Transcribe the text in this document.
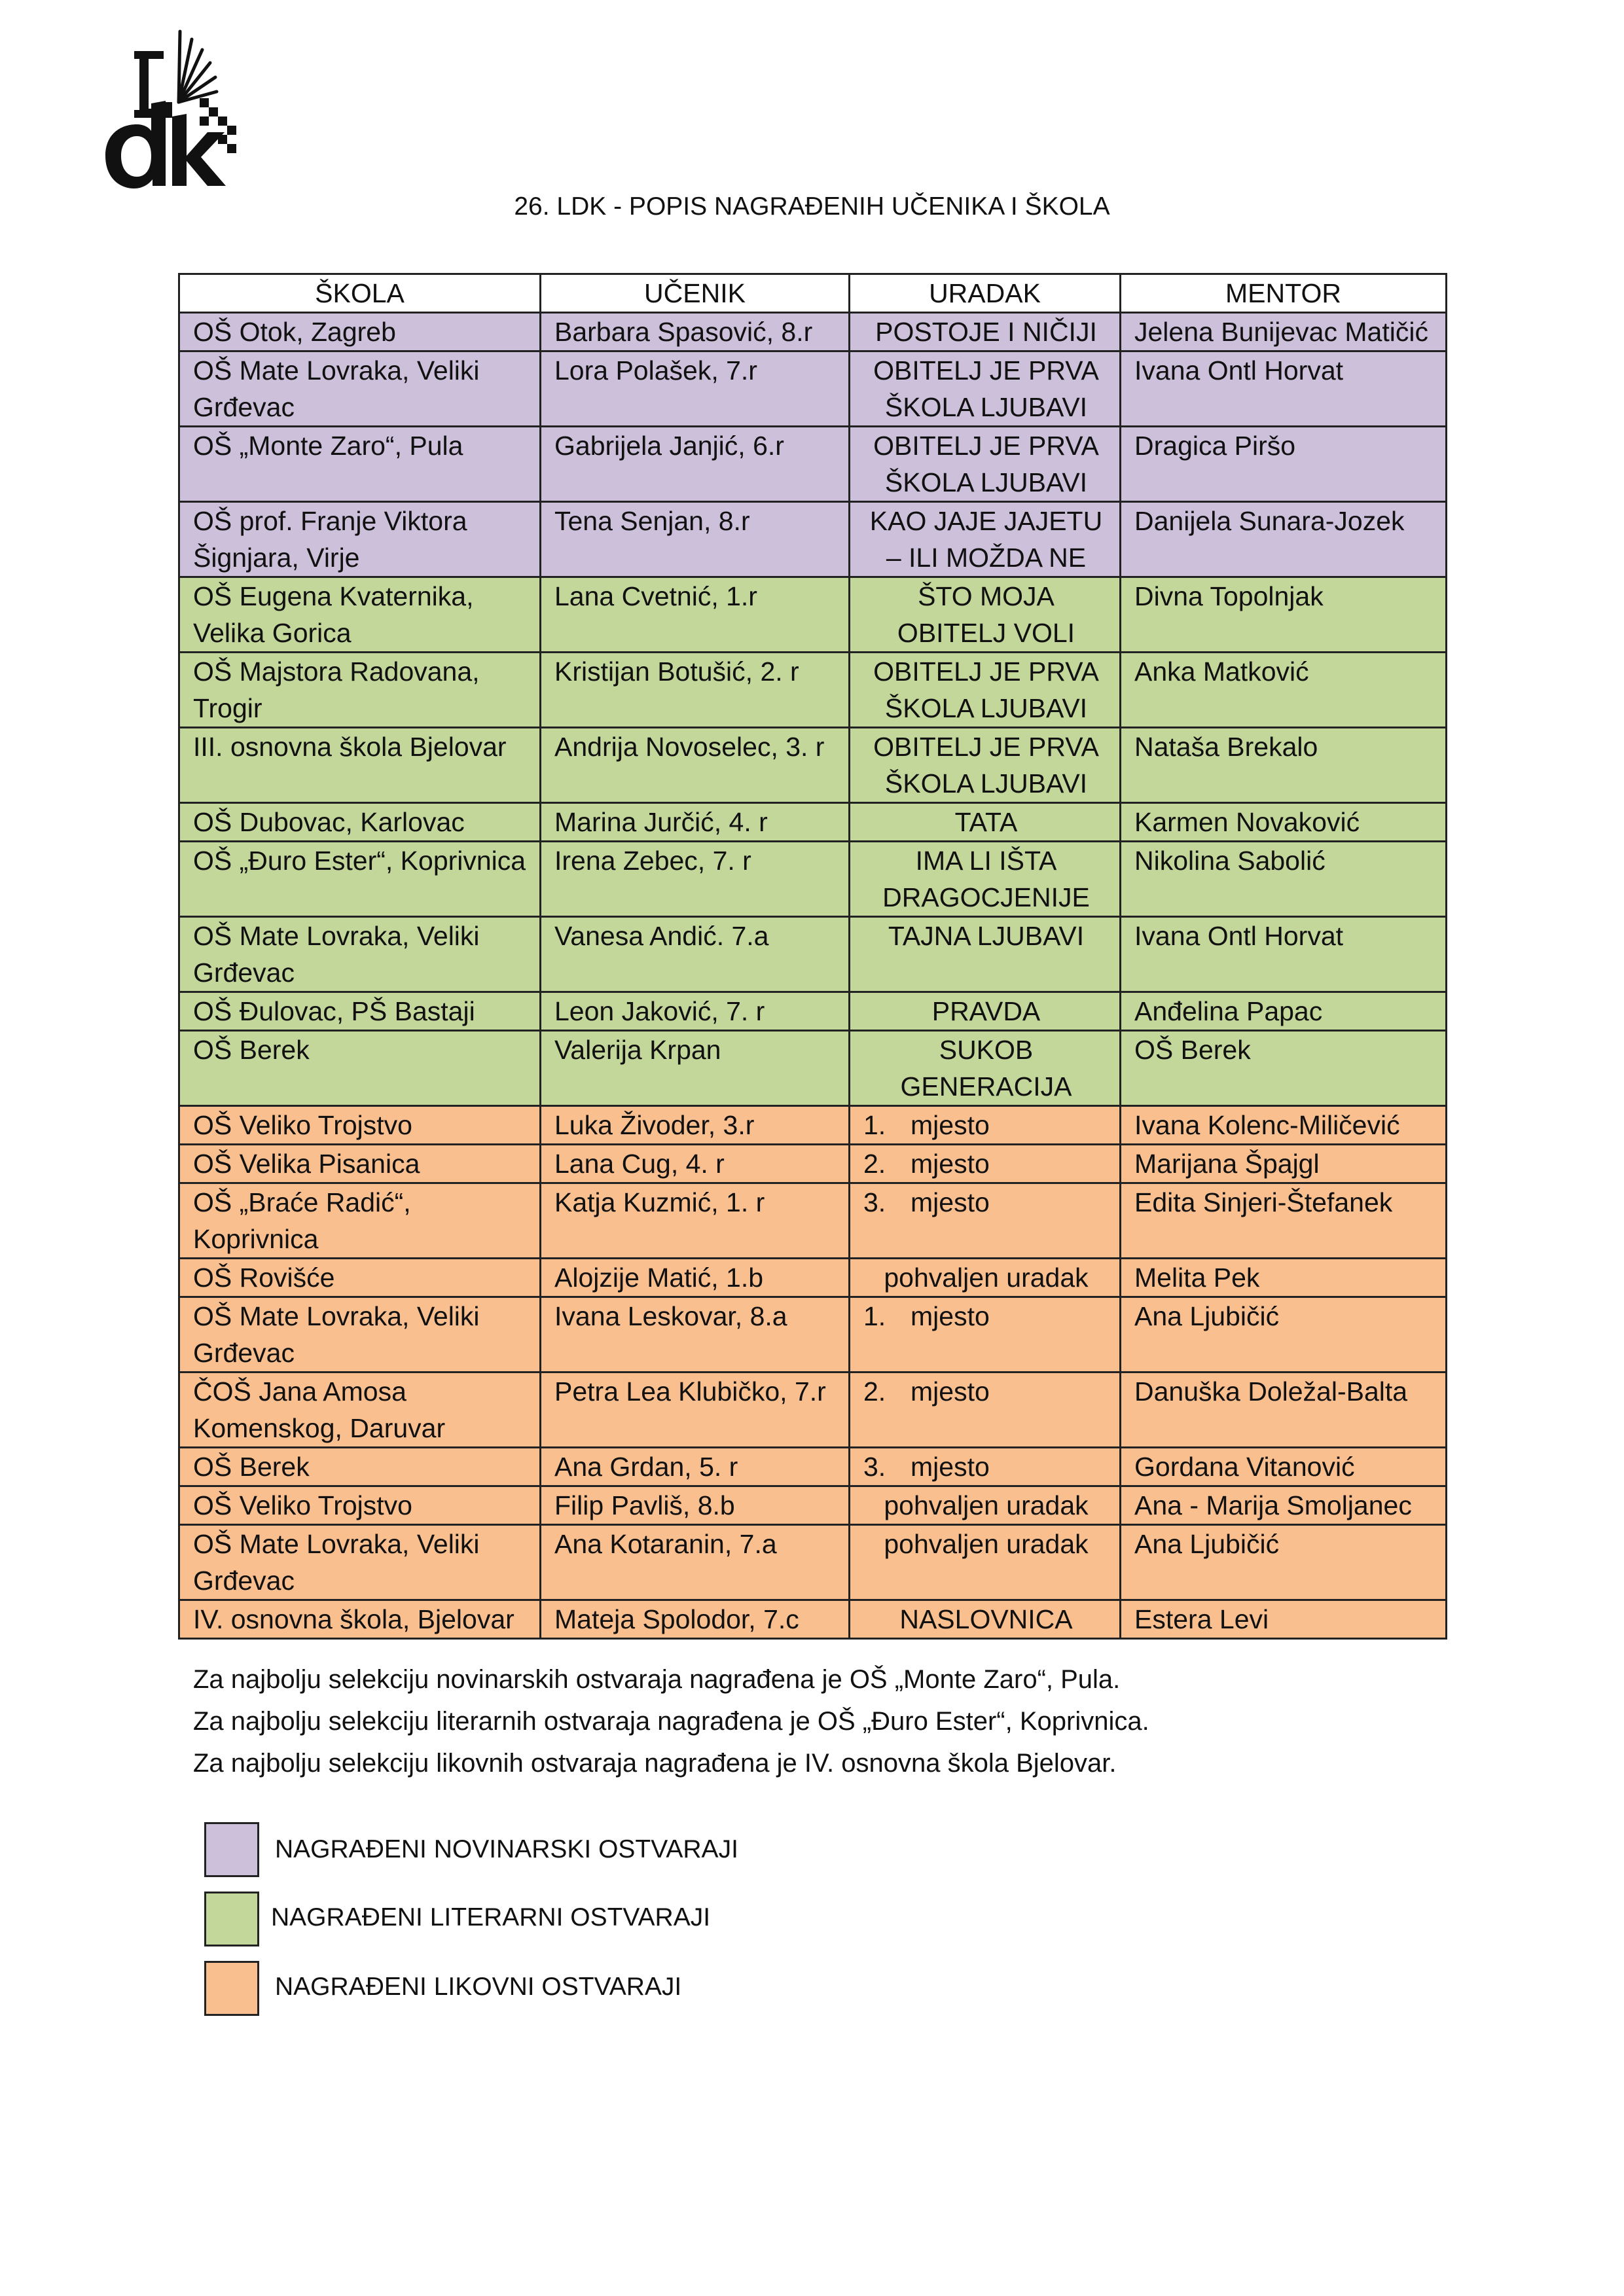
26. LDK - POPIS NAGRAĐENIH UČENIKA I ŠKOLA
ŠKOLA	UČENIK	URADAK	MENTOR
OŠ Otok, Zagreb	Barbara Spasović, 8.r	POSTOJE I NIČIJI	Jelena Bunijevac Matičić
OŠ Mate Lovraka, Veliki Grđevac	Lora Polašek, 7.r	OBITELJ JE PRVA ŠKOLA LJUBAVI	Ivana Ontl Horvat
OŠ „Monte Zaro“, Pula	Gabrijela Janjić, 6.r	OBITELJ JE PRVA ŠKOLA LJUBAVI	Dragica Piršo
OŠ prof. Franje Viktora Šignjara, Virje	Tena Senjan, 8.r	KAO JAJE JAJETU – ILI MOŽDA NE	Danijela Sunara-Jozek
OŠ Eugena Kvaternika, Velika Gorica	Lana Cvetnić, 1.r	ŠTO MOJA OBITELJ VOLI	Divna Topolnjak
OŠ Majstora Radovana, Trogir	Kristijan Botušić, 2. r	OBITELJ JE PRVA ŠKOLA LJUBAVI	Anka Matković
III. osnovna škola Bjelovar	Andrija Novoselec, 3. r	OBITELJ JE PRVA ŠKOLA LJUBAVI	Nataša Brekalo
OŠ Dubovac, Karlovac	Marina Jurčić, 4. r	TATA	Karmen Novaković
OŠ „Đuro Ester“, Koprivnica	Irena Zebec, 7. r	IMA LI IŠTA DRAGOCJENIJE	Nikolina Sabolić
OŠ Mate Lovraka, Veliki Grđevac	Vanesa Andić. 7.a	TAJNA LJUBAVI	Ivana Ontl Horvat
OŠ Đulovac, PŠ Bastaji	Leon Jaković, 7. r	PRAVDA	Anđelina Papac
OŠ Berek	Valerija Krpan	SUKOB GENERACIJA	OŠ Berek
OŠ Veliko Trojstvo	Luka Živoder, 3.r	1. mjesto	Ivana Kolenc-Miličević
OŠ Velika Pisanica	Lana Cug, 4. r	2. mjesto	Marijana Špajgl
OŠ „Braće Radić“, Koprivnica	Katja Kuzmić, 1. r	3. mjesto	Edita Sinjeri-Štefanek
OŠ Rovišće	Alojzije Matić, 1.b	pohvaljen uradak	Melita Pek
OŠ Mate Lovraka, Veliki Grđevac	Ivana Leskovar, 8.a	1. mjesto	Ana Ljubičić
ČOŠ Jana Amosa Komenskog, Daruvar	Petra Lea Klubičko, 7.r	2. mjesto	Danuška Doležal-Balta
OŠ Berek	Ana Grdan, 5. r	3. mjesto	Gordana Vitanović
OŠ Veliko Trojstvo	Filip Pavliš, 8.b	pohvaljen uradak	Ana - Marija Smoljanec
OŠ Mate Lovraka, Veliki Grđevac	Ana Kotaranin, 7.a	pohvaljen uradak	Ana Ljubičić
IV. osnovna škola, Bjelovar	Mateja Spolodor, 7.c	NASLOVNICA	Estera Levi
Za najbolju selekciju novinarskih ostvaraja nagrađena je OŠ „Monte Zaro“, Pula.
Za najbolju selekciju literarnih ostvaraja nagrađena je OŠ „Đuro Ester“, Koprivnica.
Za najbolju selekciju likovnih ostvaraja nagrađena je IV. osnovna škola Bjelovar.
NAGRAĐENI NOVINARSKI OSTVARAJI
NAGRAĐENI LITERARNI OSTVARAJI
NAGRAĐENI LIKOVNI OSTVARAJI
